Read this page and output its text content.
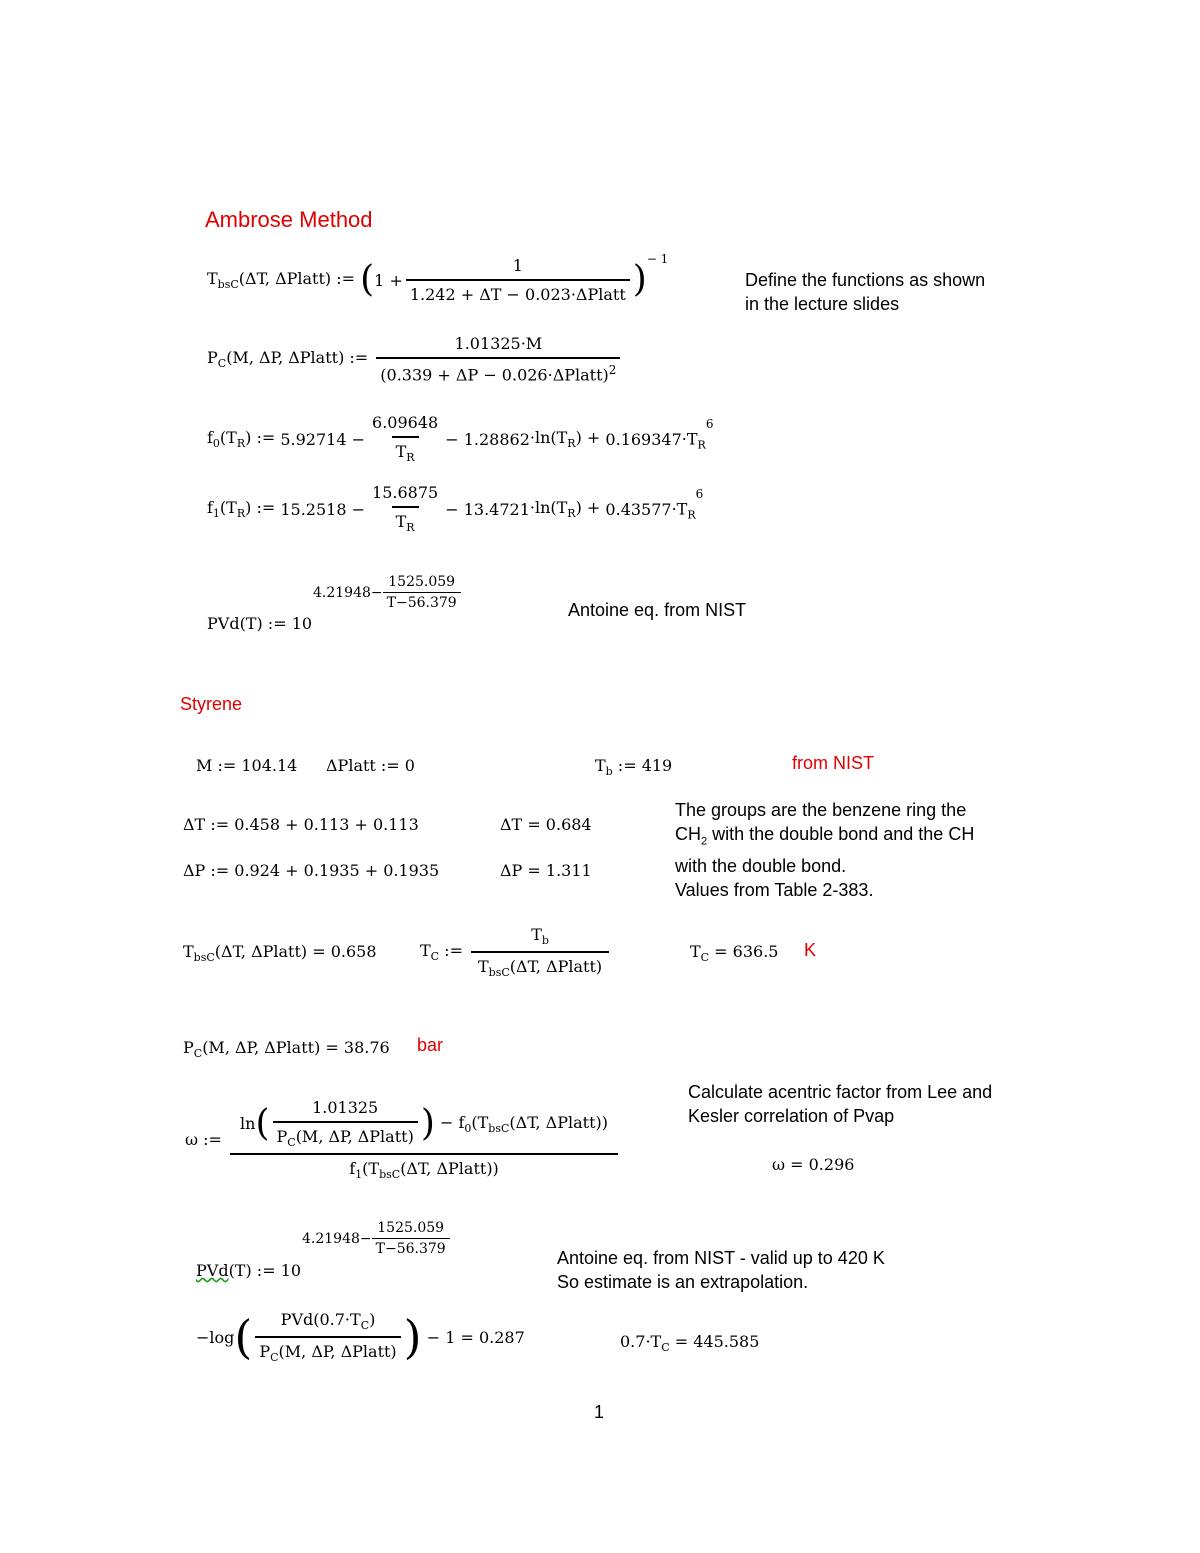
Ambrose Method
$T_{bsC}(\Delta T$, ΔPlatt) := ( $1 + \frac{1}{\text{1.242 + ΔT − 0.023·ΔPlatt}} )^{- 1}$
Define the functions as shown
in the lecture slides
$P_C(M$, ΔP, ΔPlatt) := $\frac{1.01325\cdot M}{(0.339 + \Delta P - 0.026\cdot\Delta Platt)^2}$
$f_0(T_R)$ := $5.92714 - \frac{6.09648}{T_R} - 1.28862 \cdot\ln(T_R) + 0.169347 \cdot T_R^6$
$f_1(T_R)$ := $15.2518 - \frac{15.6875}{T_R} - 13.4721 \cdot\ln(T_R) + 0.43577 \cdot T_R^6$
PVd(T) := 10
$4.21948 - \frac{1525.059}{T-56.379}$	Antoine eq. from NIST
Styrene
M := 104.14 ΔPlatt := 0	$T_b$ := 419	from NIST
ΔT := 0.458 + 0.113 + 0.113	ΔT = 0.684
ΔP := 0.924 + 0.1935 + 0.1935	ΔP = 1.311
The groups are the benzene ring the
$CH_2$ with the double bond and the CH
with the double bond.
Values from Table 2-383.
$T_{bsC}(\Delta T$, ΔPlatt) = 0.658	$T_C$ := $\frac{T_b}{T_{bsC}(\Delta T, \Delta Platt)}$	$T_C = 636.5$ K
$P_C(M$, ΔP, ΔPlatt) = 38.76 bar
Calculate acentric factor from Lee and
Kesler correlation of Pvap
ω = 0.296
ω :=
ln ( $\frac{1.01325}{P_C(M, \Delta P, \Delta Platt)}$ ) − $f_0(T_{bsC}(\Delta T$, ΔPlatt))
$f_1(T_{bsC}(\Delta T$, ΔPlatt))
PVd(T) := 10
$4.21948 - \frac{1525.059}{T-56.379}$
Antoine eq. from NIST - valid up to 420 K
So estimate is an extrapolation.
−log ( $\frac{PVd(0.7\cdot T_C)}{P_C(M, \Delta P, \Delta Platt)}$ )
− 1 = 0.287	$0.7\cdot T_C = 445.585$
1
